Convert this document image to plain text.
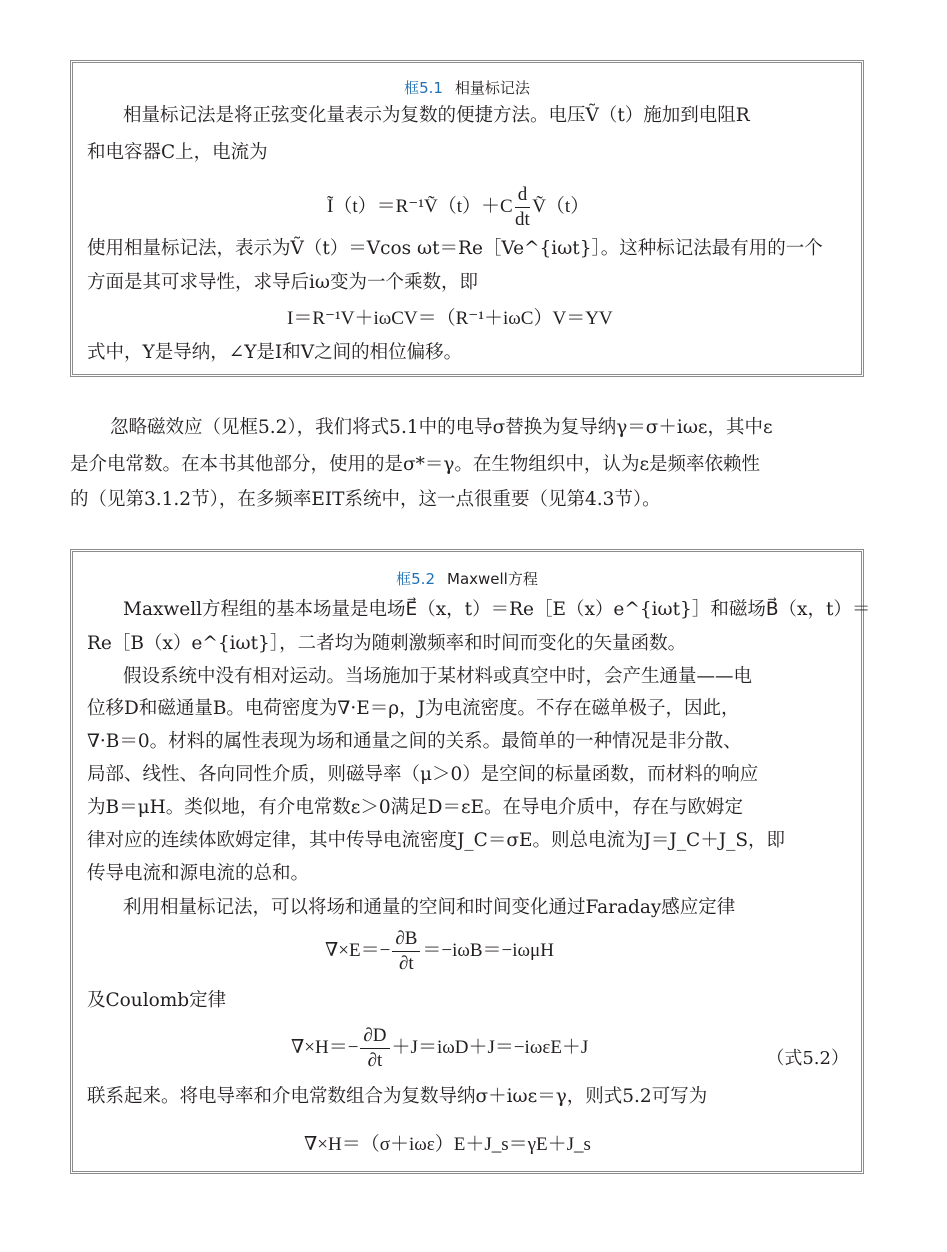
框5.1 相量标记法
相量标记法是将正弦变化量表示为复数的便捷方法。电压Ṽ（t）施加到电阻R
和电容器C上，电流为
Ĩ（t）＝R⁻¹Ṽ（t）＋C $\frac{d}{dt}$ Ṽ（t）
使用相量标记法，表示为Ṽ（t）＝Vcos ωt＝Re［Ve^{iωt}］。这种标记法最有用的一个
方面是其可求导性，求导后iω变为一个乘数，即
I＝R⁻¹V＋iωCV＝（R⁻¹＋iωC）V＝YV
式中，Y是导纳，∠Y是I和V之间的相位偏移。
忽略磁效应（见框5.2），我们将式5.1中的电导σ替换为复导纳γ＝σ＋iωε，其中ε
是介电常数。在本书其他部分，使用的是σ*＝γ。在生物组织中，认为ε是频率依赖性
的（见第3.1.2节），在多频率EIT系统中，这一点很重要（见第4.3节）。
框5.2 Maxwell方程
Maxwell方程组的基本场量是电场E⃗（x，t）＝Re［E（x）e^{iωt}］和磁场B⃗（x，t）＝
Re［B（x）e^{iωt}］，二者均为随刺激频率和时间而变化的矢量函数。
假设系统中没有相对运动。当场施加于某材料或真空中时，会产生通量——电
位移D和磁通量B。电荷密度为∇·E＝ρ，J为电流密度。不存在磁单极子，因此，
∇·B＝0。材料的属性表现为场和通量之间的关系。最简单的一种情况是非分散、
局部、线性、各向同性介质，则磁导率（μ＞0）是空间的标量函数，而材料的响应
为B＝μH。类似地，有介电常数ε＞0满足D＝εE。在导电介质中，存在与欧姆定
律对应的连续体欧姆定律，其中传导电流密度J_C＝σE。则总电流为J＝J_C＋J_S，即
传导电流和源电流的总和。
利用相量标记法，可以将场和通量的空间和时间变化通过Faraday感应定律
$\nabla\times E=- \frac{\partial B}{\partial t} =-i\omega B=-i\omega\mu H$
及Coulomb定律
$\nabla\times H=- \frac{\partial D}{\partial t} +J=i\omega D+J=-i\omega\varepsilon E+J$
（式5.2）
联系起来。将电导率和介电常数组合为复数导纳σ＋iωε＝γ，则式5.2可写为
∇×H＝（σ＋iωε）E＋J_s＝γE＋J_s
